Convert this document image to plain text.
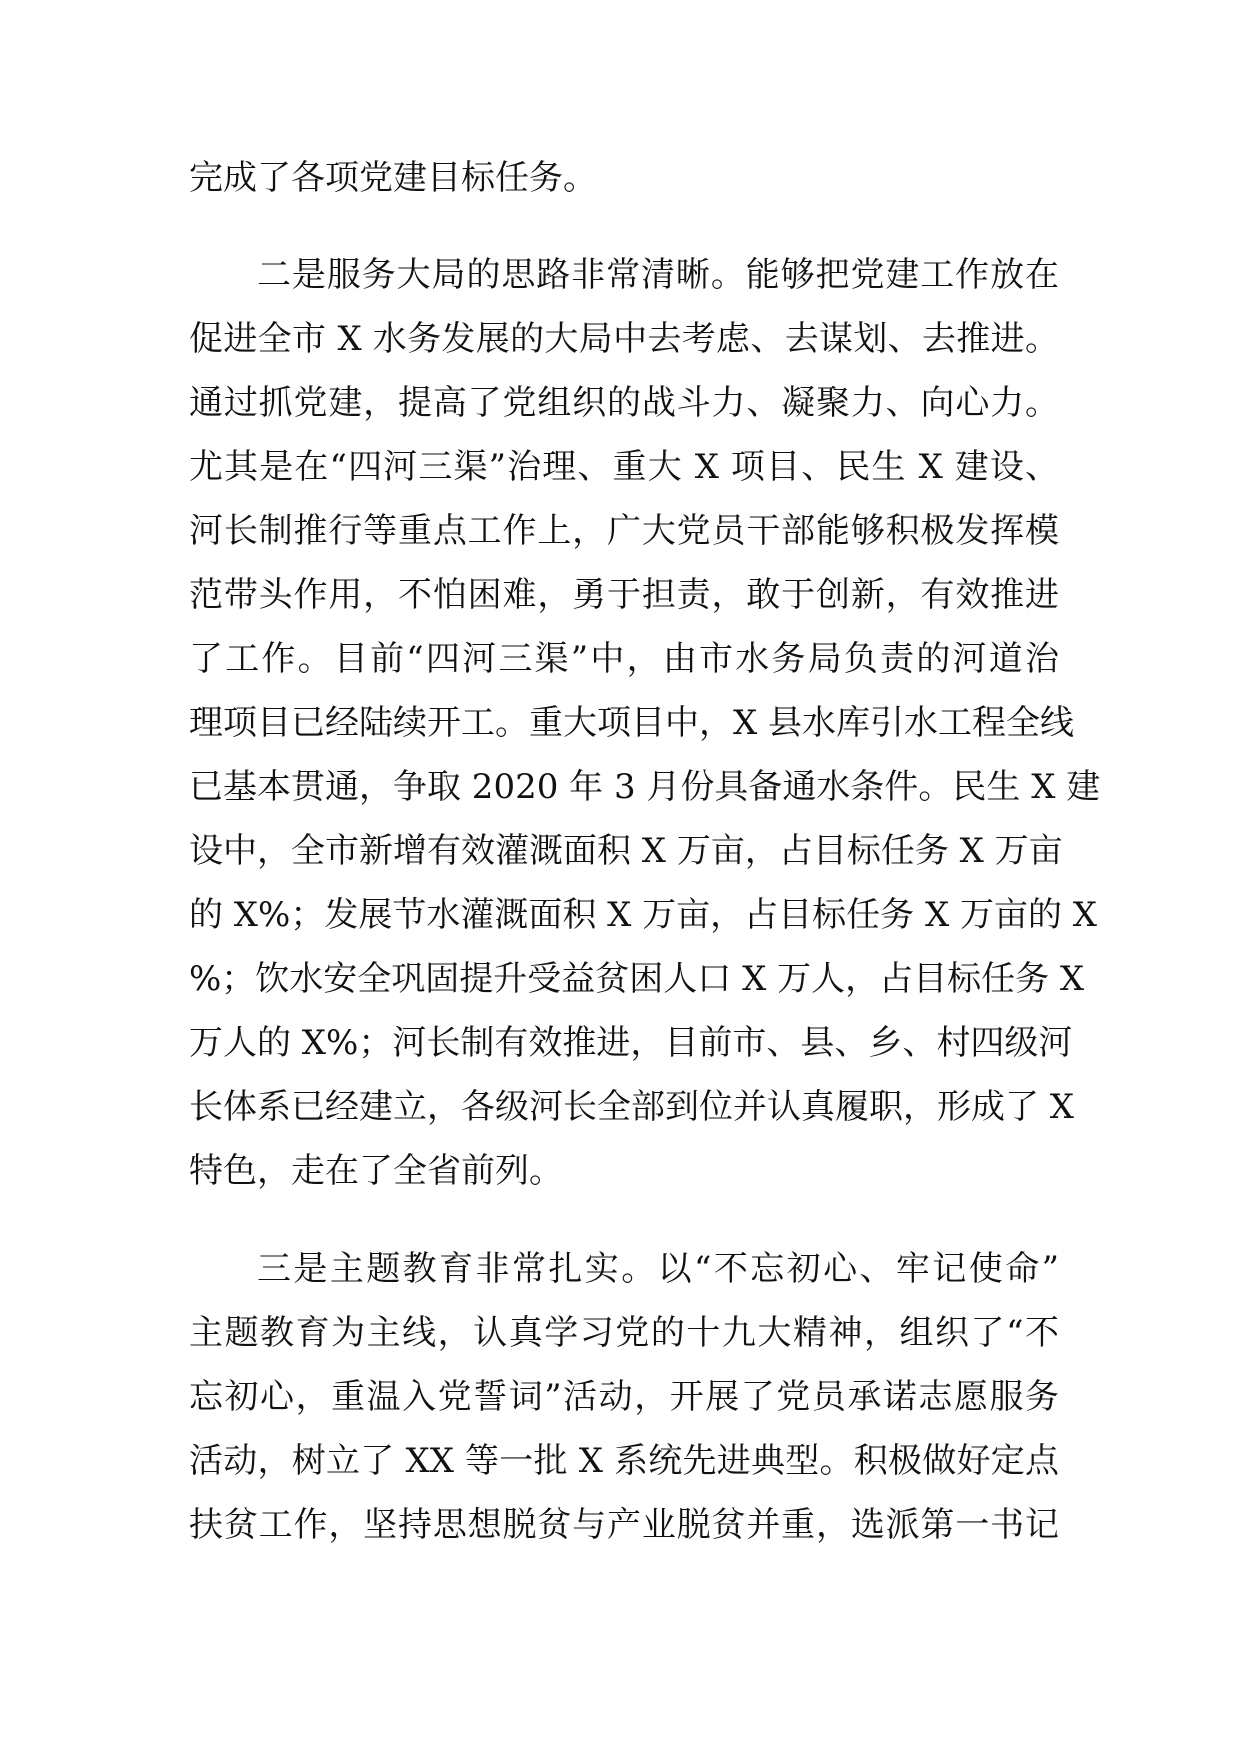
完成了各项党建目标任务。
二是服务大局的思路非常清晰。能够把党建工作放在
促进全市 X 水务发展的大局中去考虑、去谋划、去推进。
通过抓党建，提高了党组织的战斗力、凝聚力、向心力。
尤其是在“四河三渠”治理、重大 X 项目、民生 X 建设、
河长制推行等重点工作上，广大党员干部能够积极发挥模
范带头作用，不怕困难，勇于担责，敢于创新，有效推进
了工作。目前“四河三渠”中，由市水务局负责的河道治
理项目已经陆续开工。重大项目中，X 县水库引水工程全线
已基本贯通，争取 2020 年 3 月份具备通水条件。民生 X 建
设中，全市新增有效灌溉面积 X 万亩，占目标任务 X 万亩
的 X%；发展节水灌溉面积 X 万亩，占目标任务 X 万亩的 X
%；饮水安全巩固提升受益贫困人口 X 万人，占目标任务 X
万人的 X%；河长制有效推进，目前市、县、乡、村四级河
长体系已经建立，各级河长全部到位并认真履职，形成了 X
特色，走在了全省前列。
三是主题教育非常扎实。以“不忘初心、牢记使命”
主题教育为主线，认真学习党的十九大精神，组织了“不
忘初心，重温入党誓词”活动，开展了党员承诺志愿服务
活动，树立了 XX 等一批 X 系统先进典型。积极做好定点
扶贫工作，坚持思想脱贫与产业脱贫并重，选派第一书记
